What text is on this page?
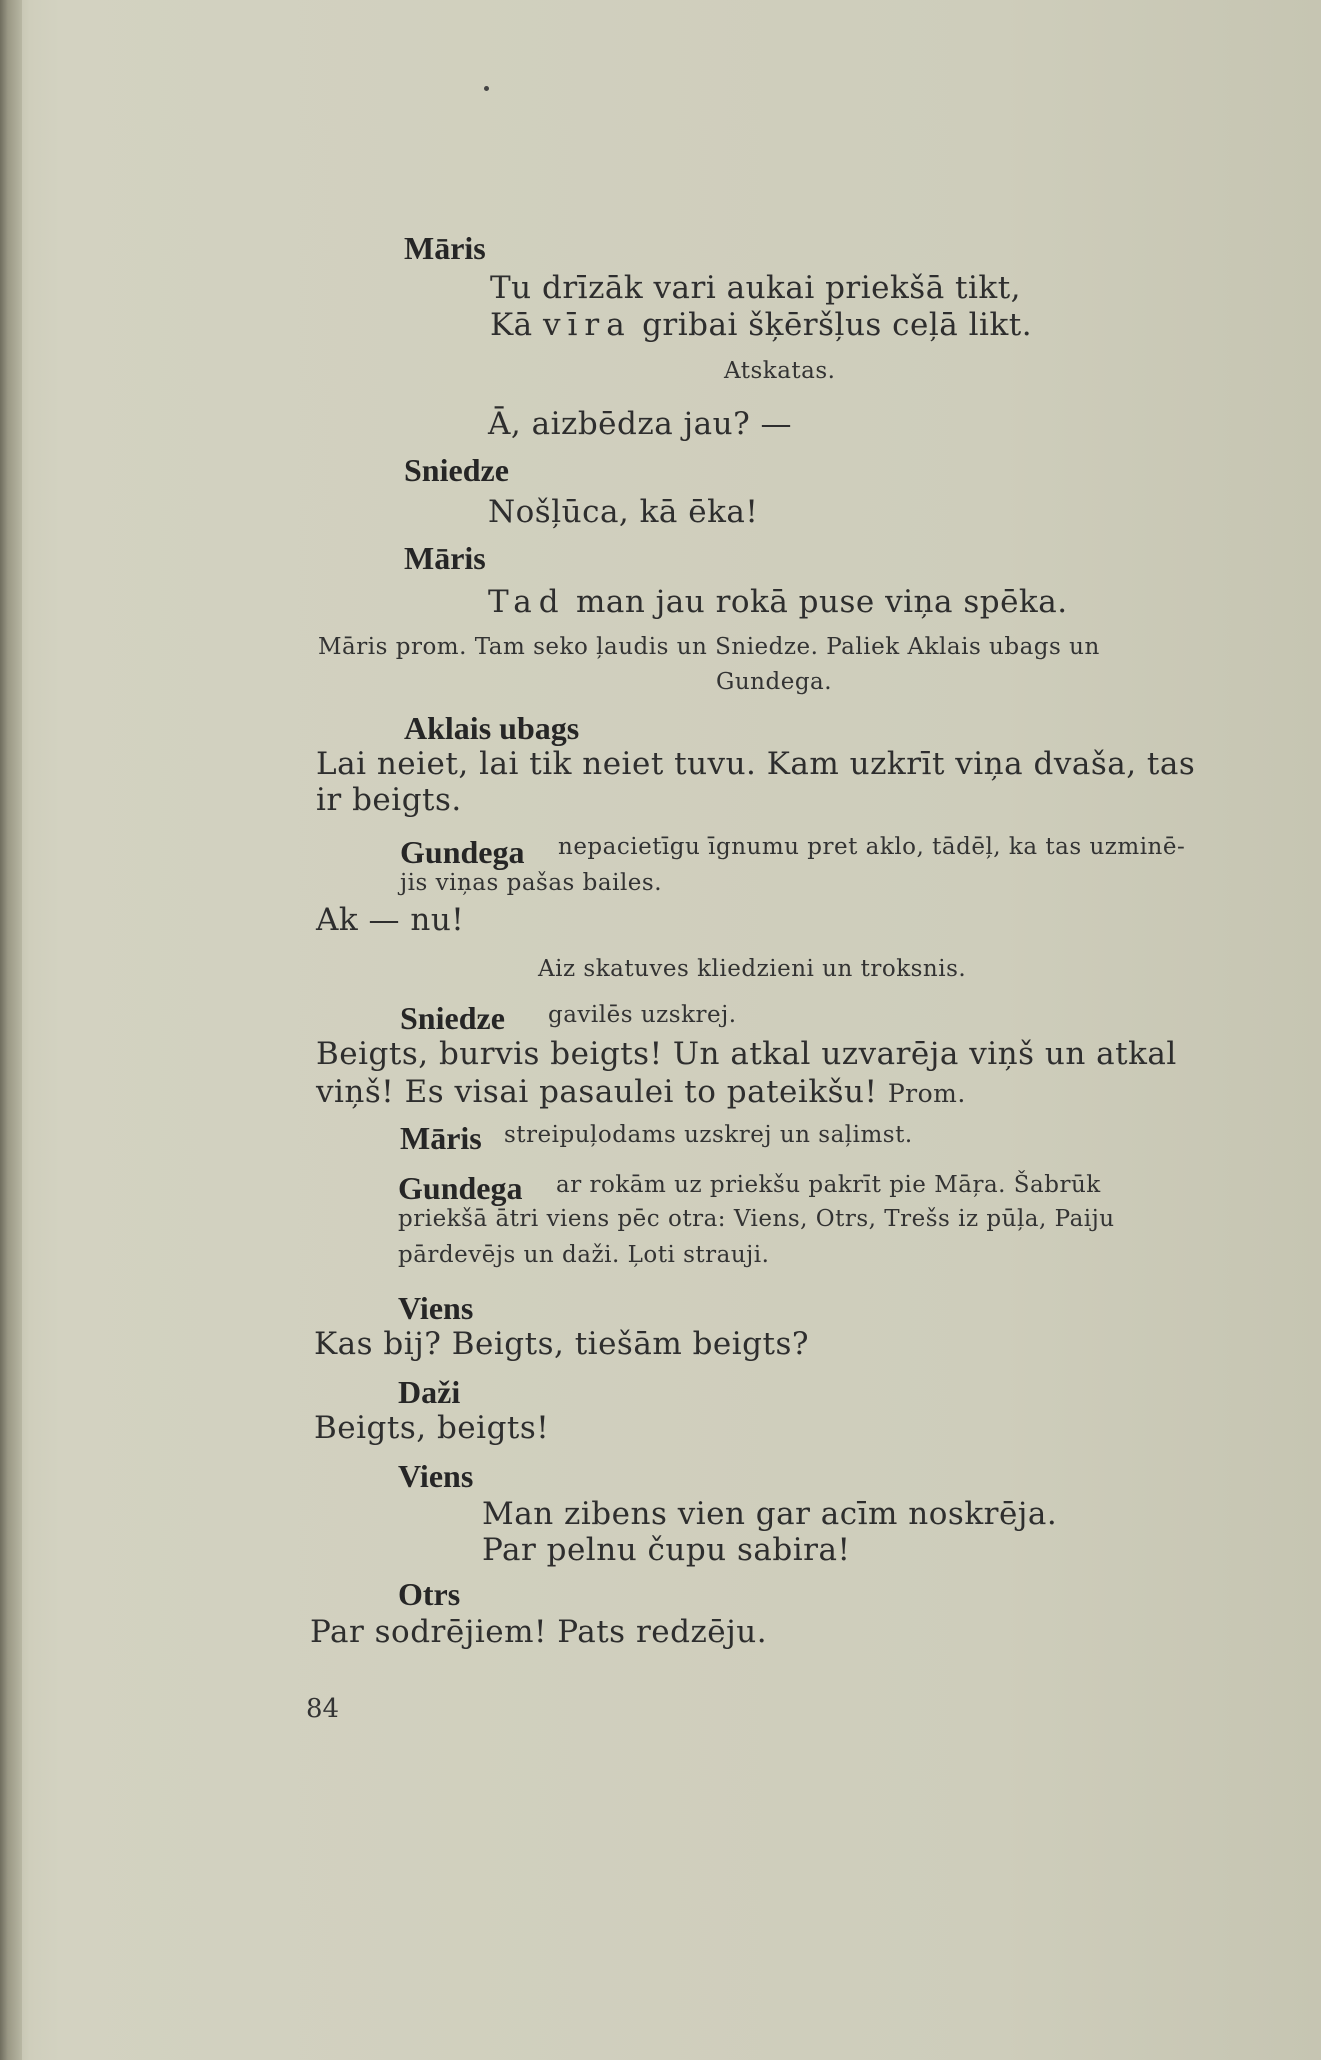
Māris
Tu drīzāk vari aukai priekšā tikt,
Kā vīra gribai šķēršļus ceļā likt.
Atskatas.
Ā, aizbēdza jau? —
Sniedze
Nošļūca, kā ēka!
Māris
Tad man jau rokā puse viņa spēka.
Māris prom. Tam seko ļaudis un Sniedze. Paliek Aklais ubags un
Gundega.
Aklais ubags
Lai neiet, lai tik neiet tuvu. Kam uzkrīt viņa dvaša, tas
ir beigts.
Gundega nepacietīgu īgnumu pret aklo, tādēļ, ka tas uzminē-
jis viņas pašas bailes.
Ak — nu!
Aiz skatuves kliedzieni un troksnis.
Sniedze gavilēs uzskrej.
Beigts, burvis beigts! Un atkal uzvarēja viņš un atkal
viņš! Es visai pasaulei to pateikšu! Prom.
Māris streipuļodams uzskrej un saļimst.
Gundega ar rokām uz priekšu pakrīt pie Māŗa. Šabrūk
priekšā ātri viens pēc otra: Viens, Otrs, Trešs iz pūļa, Paiju
pārdevējs un daži. Ļoti strauji.
Viens
Kas bij? Beigts, tiešām beigts?
Daži
Beigts, beigts!
Viens
Man zibens vien gar acīm noskrēja.
Par pelnu čupu sabira!
Otrs
Par sodrējiem! Pats redzēju.
84
